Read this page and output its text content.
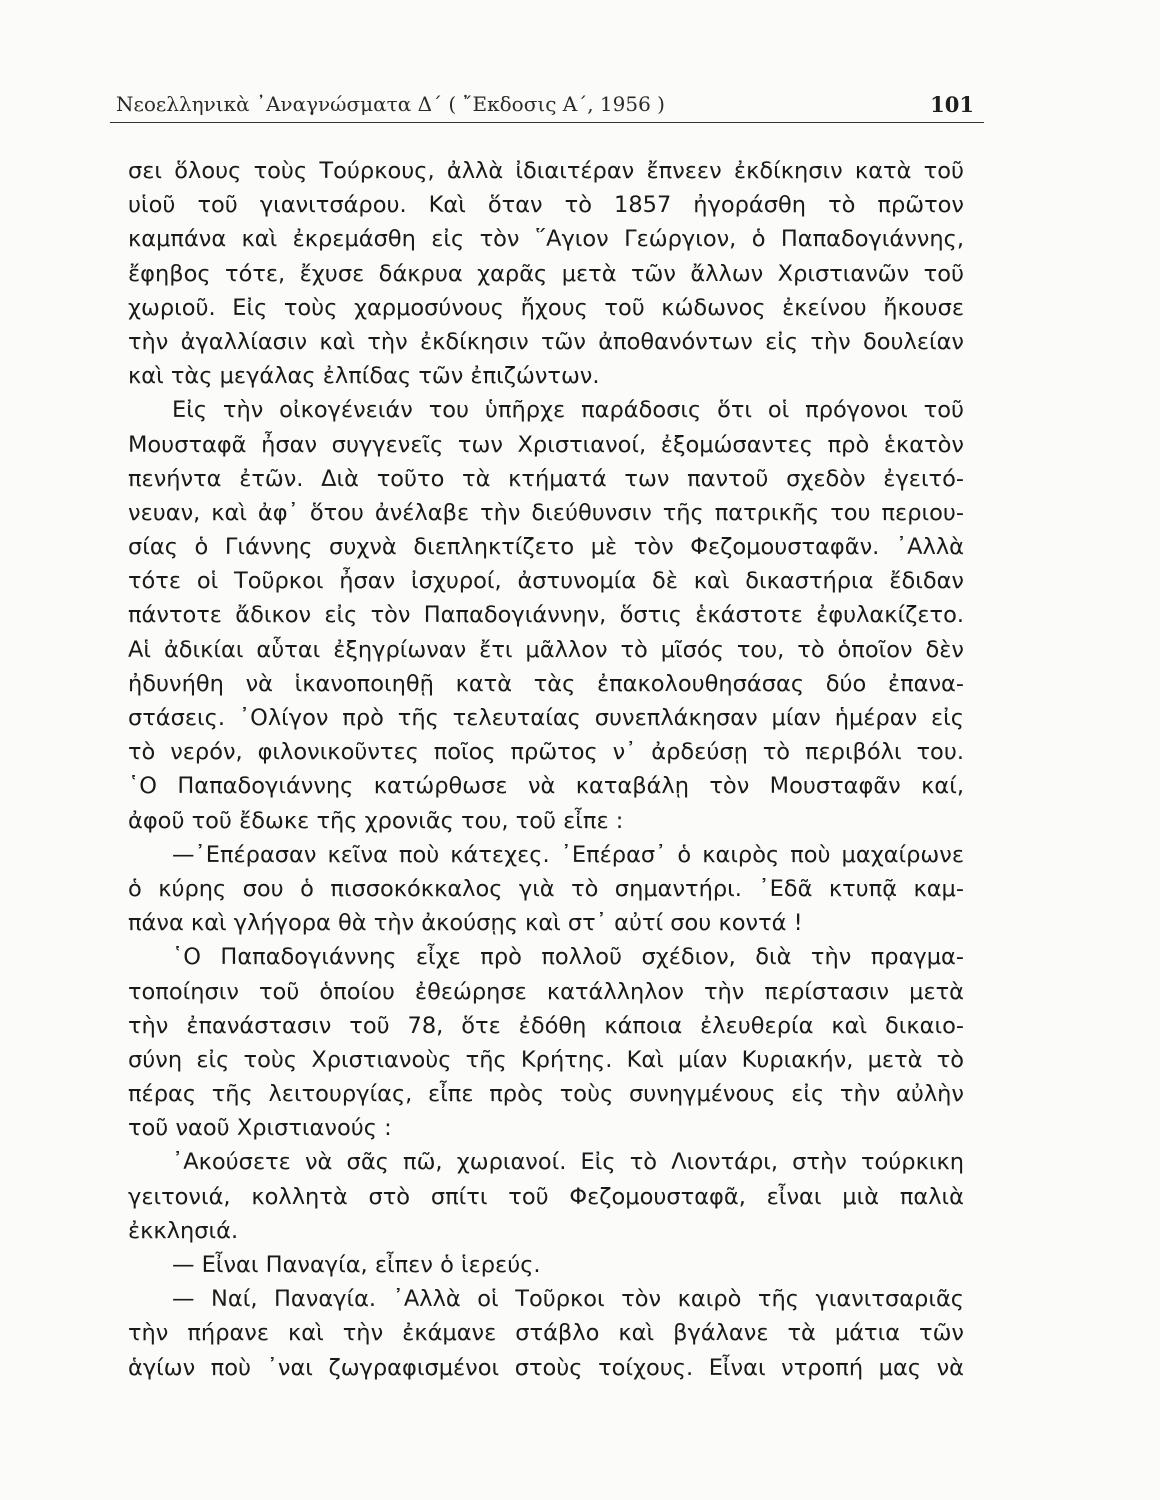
Νεοελληνικὰ ᾿Αναγνώσματα Δ΄ ( ῎Εκδοσις Α΄, 1956 )	101
σει ὅλους τοὺς Τούρκους, ἀλλὰ ἰδιαιτέραν ἔπνεεν ἐκδίκησιν κατὰ τοῦ
υἱοῦ τοῦ γιανιτσάρου. Καὶ ὅταν τὸ 1857 ἠγοράσθη τὸ πρῶτον
καμπάνα καὶ ἐκρεμάσθη εἰς τὸν ῞Αγιον Γεώργιον, ὁ Παπαδογιάννης,
ἔφηβος τότε, ἔχυσε δάκρυα χαρᾶς μετὰ τῶν ἄλλων Χριστιανῶν τοῦ
χωριοῦ. Εἰς τοὺς χαρμοσύνους ἤχους τοῦ κώδωνος ἐκείνου ἤκουσε
τὴν ἀγαλλίασιν καὶ τὴν ἐκδίκησιν τῶν ἀποθανόντων εἰς τὴν δουλείαν
καὶ τὰς μεγάλας ἐλπίδας τῶν ἐπιζώντων.
Εἰς τὴν οἰκογένειάν του ὑπῆρχε παράδοσις ὅτι οἱ πρόγονοι τοῦ
Μουσταφᾶ ἦσαν συγγενεῖς των Χριστιανοί, ἐξομώσαντες πρὸ ἑκατὸν
πενήντα ἐτῶν. Διὰ τοῦτο τὰ κτήματά των παντοῦ σχεδὸν ἐγειτό-
νευαν, καὶ ἀφ᾿ ὅτου ἀνέλαβε τὴν διεύθυνσιν τῆς πατρικῆς του περιου-
σίας ὁ Γιάννης συχνὰ διεπληκτίζετο μὲ τὸν Φεζομουσταφᾶν. ᾿Αλλὰ
τότε οἱ Τοῦρκοι ἦσαν ἰσχυροί, ἀστυνομία δὲ καὶ δικαστήρια ἔδιδαν
πάντοτε ἄδικον εἰς τὸν Παπαδογιάννην, ὅστις ἑκάστοτε ἐφυλακίζετο.
Αἱ ἀδικίαι αὗται ἐξηγρίωναν ἔτι μᾶλλον τὸ μῖσός του, τὸ ὁποῖον δὲν
ἠδυνήθη νὰ ἱκανοποιηθῇ κατὰ τὰς ἐπακολουθησάσας δύο ἐπανα-
στάσεις. ᾿Ολίγον πρὸ τῆς τελευταίας συνεπλάκησαν μίαν ἡμέραν εἰς
τὸ νερόν, φιλονικοῦντες ποῖος πρῶτος ν᾿ ἀρδεύσῃ τὸ περιβόλι του.
῾Ο Παπαδογιάννης κατώρθωσε νὰ καταβάλῃ τὸν Μουσταφᾶν καί,
ἀφοῦ τοῦ ἔδωκε τῆς χρονιᾶς του, τοῦ εἶπε :
—᾿Επέρασαν κεῖνα ποὺ κάτεχες. ᾿Επέρασ᾿ ὁ καιρὸς ποὺ μαχαίρωνε
ὁ κύρης σου ὁ πισσοκόκκαλος γιὰ τὸ σημαντήρι. ᾿Εδᾶ κτυπᾷ καμ-
πάνα καὶ γλήγορα θὰ τὴν ἀκούσῃς καὶ στ᾿ αὐτί σου κοντά !
῾Ο Παπαδογιάννης εἶχε πρὸ πολλοῦ σχέδιον, διὰ τὴν πραγμα-
τοποίησιν τοῦ ὁποίου ἐθεώρησε κατάλληλον τὴν περίστασιν μετὰ
τὴν ἐπανάστασιν τοῦ 78, ὅτε ἐδόθη κάποια ἐλευθερία καὶ δικαιο-
σύνη εἰς τοὺς Χριστιανοὺς τῆς Κρήτης. Καὶ μίαν Κυριακήν, μετὰ τὸ
πέρας τῆς λειτουργίας, εἶπε πρὸς τοὺς συνηγμένους εἰς τὴν αὐλὴν
τοῦ ναοῦ Χριστιανούς :
᾿Ακούσετε νὰ σᾶς πῶ, χωριανοί. Εἰς τὸ Λιοντάρι, στὴν τούρκικη
γειτονιά, κολλητὰ στὸ σπίτι τοῦ Φεζομουσταφᾶ, εἶναι μιὰ παλιὰ
ἐκκλησιά.
— Εἶναι Παναγία, εἶπεν ὁ ἱερεύς.
— Ναί, Παναγία. ᾿Αλλὰ οἱ Τοῦρκοι τὸν καιρὸ τῆς γιανιτσαριᾶς
τὴν πήρανε καὶ τὴν ἐκάμανε στάβλο καὶ βγάλανε τὰ μάτια τῶν
ἁγίων ποὺ ᾿ναι ζωγραφισμένοι στοὺς τοίχους. Εἶναι ντροπή μας νὰ
